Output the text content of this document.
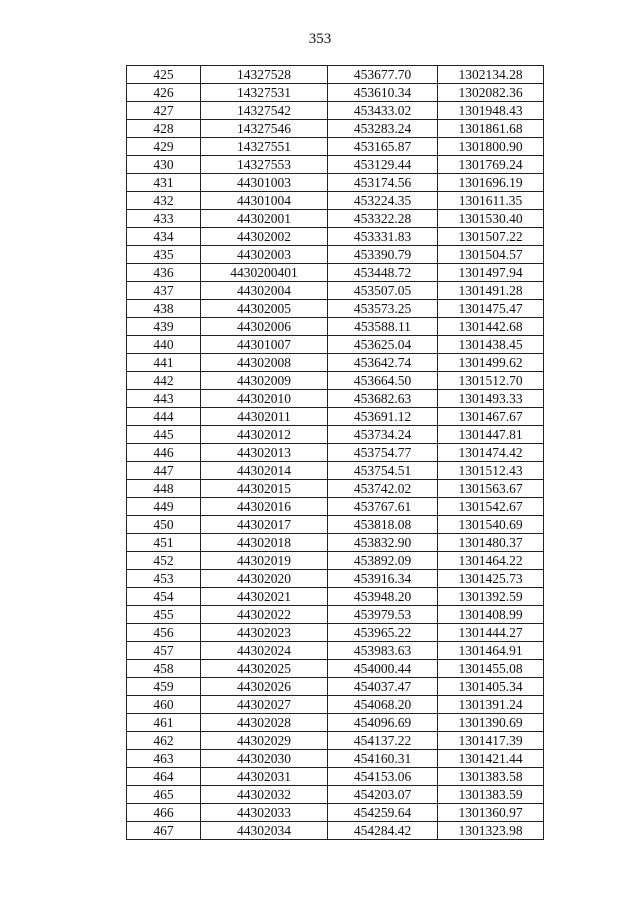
353
425	14327528	453677.70	1302134.28
426	14327531	453610.34	1302082.36
427	14327542	453433.02	1301948.43
428	14327546	453283.24	1301861.68
429	14327551	453165.87	1301800.90
430	14327553	453129.44	1301769.24
431	44301003	453174.56	1301696.19
432	44301004	453224.35	1301611.35
433	44302001	453322.28	1301530.40
434	44302002	453331.83	1301507.22
435	44302003	453390.79	1301504.57
436	4430200401	453448.72	1301497.94
437	44302004	453507.05	1301491.28
438	44302005	453573.25	1301475.47
439	44302006	453588.11	1301442.68
440	44301007	453625.04	1301438.45
441	44302008	453642.74	1301499.62
442	44302009	453664.50	1301512.70
443	44302010	453682.63	1301493.33
444	44302011	453691.12	1301467.67
445	44302012	453734.24	1301447.81
446	44302013	453754.77	1301474.42
447	44302014	453754.51	1301512.43
448	44302015	453742.02	1301563.67
449	44302016	453767.61	1301542.67
450	44302017	453818.08	1301540.69
451	44302018	453832.90	1301480.37
452	44302019	453892.09	1301464.22
453	44302020	453916.34	1301425.73
454	44302021	453948.20	1301392.59
455	44302022	453979.53	1301408.99
456	44302023	453965.22	1301444.27
457	44302024	453983.63	1301464.91
458	44302025	454000.44	1301455.08
459	44302026	454037.47	1301405.34
460	44302027	454068.20	1301391.24
461	44302028	454096.69	1301390.69
462	44302029	454137.22	1301417.39
463	44302030	454160.31	1301421.44
464	44302031	454153.06	1301383.58
465	44302032	454203.07	1301383.59
466	44302033	454259.64	1301360.97
467	44302034	454284.42	1301323.98
